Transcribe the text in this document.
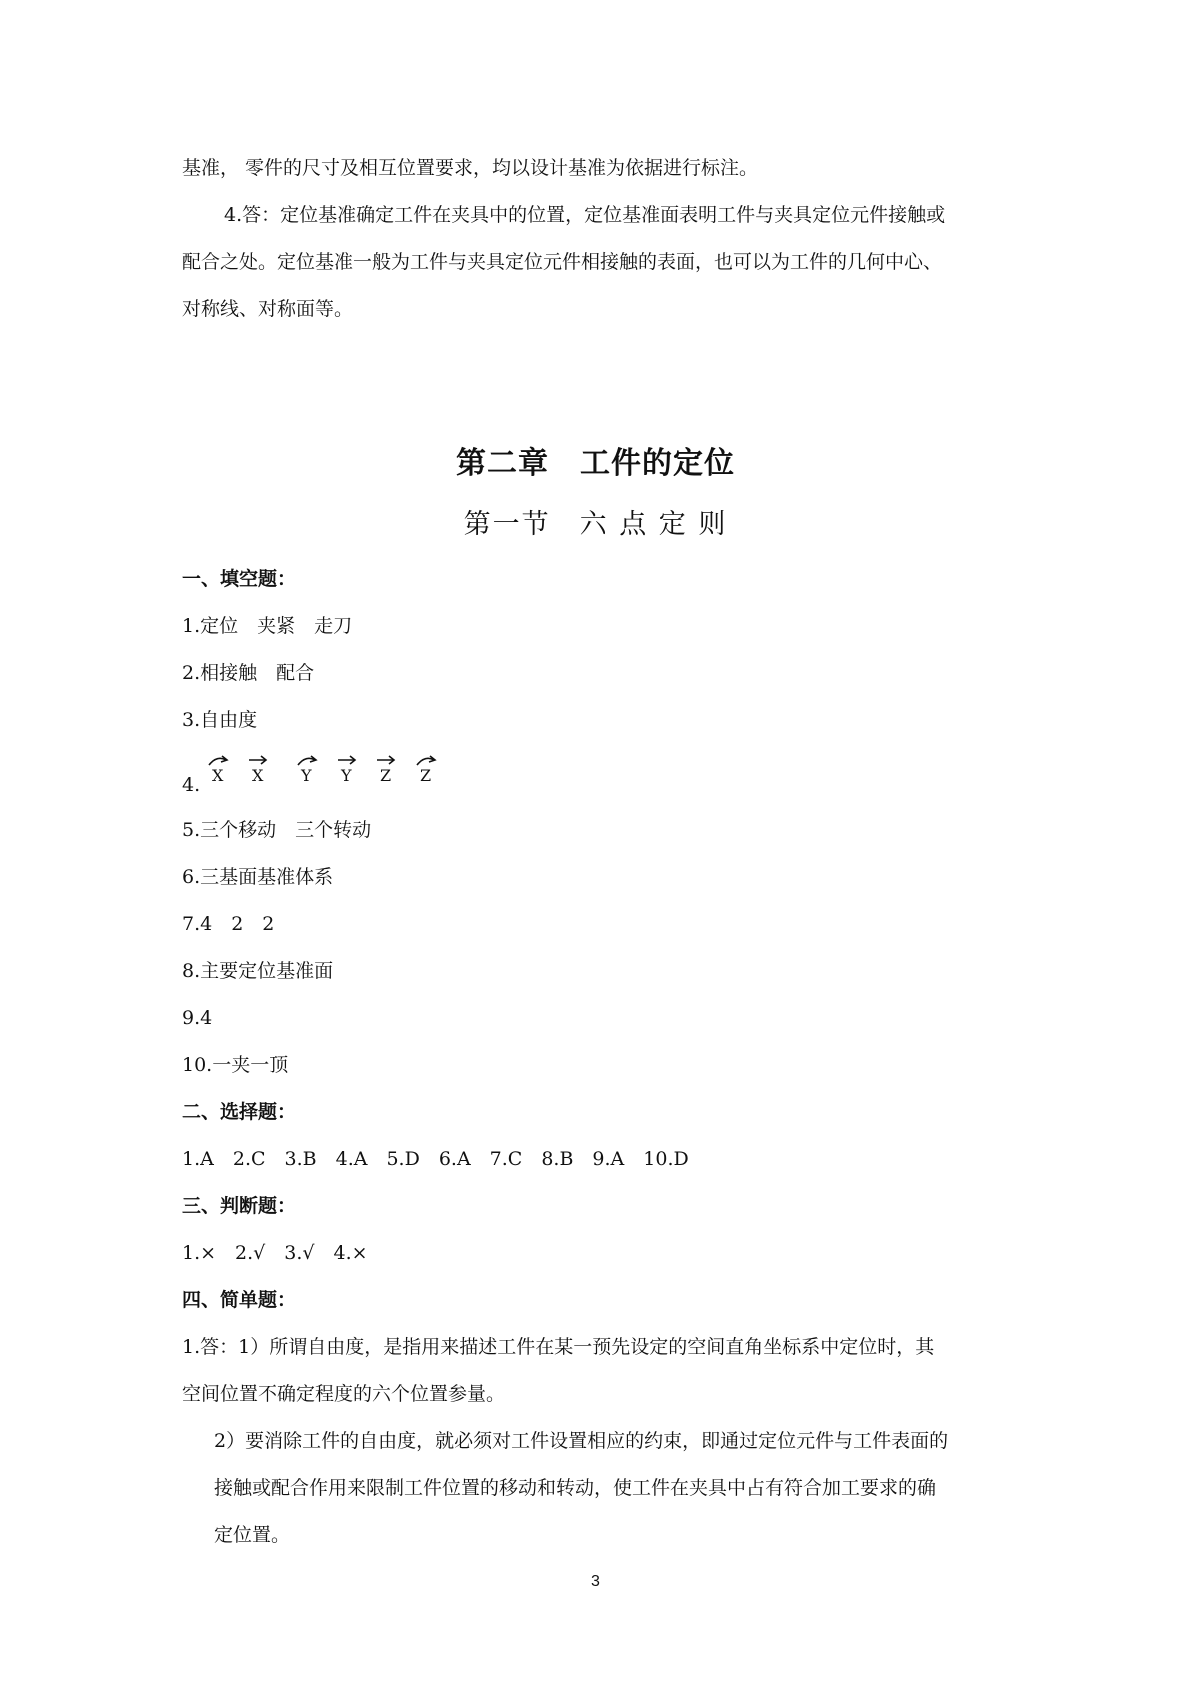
基准， 零件的尺寸及相互位置要求，均以设计基准为依据进行标注。
4.答：定位基准确定工件在夹具中的位置，定位基准面表明工件与夹具定位元件接触或
配合之处。定位基准一般为工件与夹具定位元件相接触的表面，也可以为工件的几何中心、
对称线、对称面等。
第二章　工件的定位
第一节　六 点 定 则
一、填空题：
1.定位　夹紧　走刀
2.相接触　配合
3.自由度
4. X X Y Y Z Z
5.三个移动　三个转动
6.三基面基准体系
7.4　2　2
8.主要定位基准面
9.4
10.一夹一顶
二、选择题：
1.A　2.C　3.B　4.A　5.D　6.A　7.C　8.B　9.A　10.D
三、判断题：
1.×　2.√　3.√　4.×
四、简单题：
1.答：1）所谓自由度，是指用来描述工件在某一预先设定的空间直角坐标系中定位时，其
空间位置不确定程度的六个位置参量。
2）要消除工件的自由度，就必须对工件设置相应的约束，即通过定位元件与工件表面的
接触或配合作用来限制工件位置的移动和转动，使工件在夹具中占有符合加工要求的确
定位置。
3
